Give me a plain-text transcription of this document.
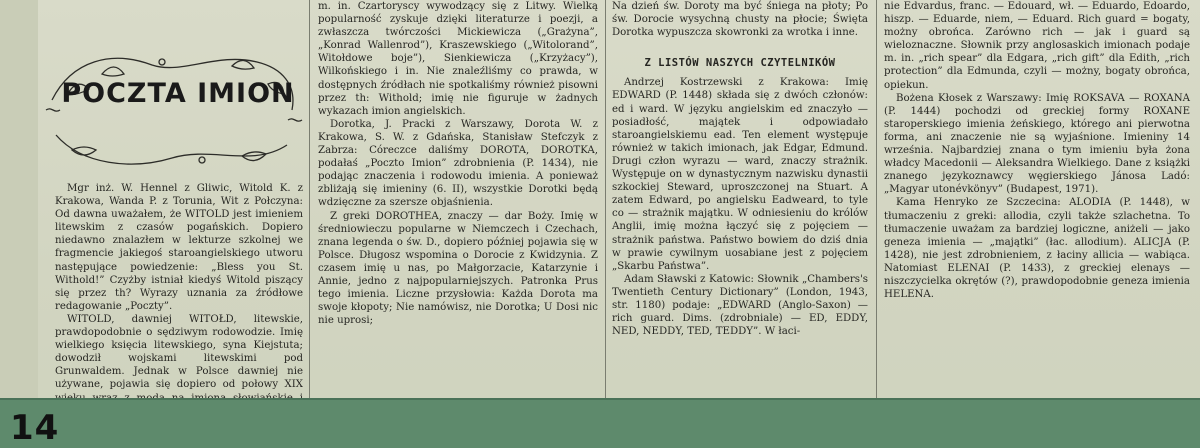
POCZTA IMION

Mgr inż. W. Hennel z Gliwic, Witold K. z Krakowa, Wanda P. z Torunia, Wit z Połczyna: Od dawna uważałem, że WITOLD jest imieniem litewskim z czasów pogańskich. Dopiero niedawno znalazłem w lekturze szkolnej we fragmencie jakiegoś staroangielskiego utworu następujące powiedzenie: „Bless you St. Withold!” Czyżby istniał kiedyś Witold piszący się przez th? Wyrazy uznania za źródłowe redagowanie „Poczty”.

WITOLD, dawniej WITOŁD, litewskie, prawdopodobnie o sędziwym rodowodzie. Imię wielkiego księcia litewskiego, syna Kiejstuta; dowodził wojskami litewskimi pod Grunwaldem. Jednak w Polsce dawniej nie używane, pojawia się dopiero od połowy XIX

m. in. Czartoryscy wywodzący się z Litwy. Wielką popularność zyskuje dzięki literaturze i poezji, a zwłaszcza twórczości Mickiewicza („Grażyna”, „Konrad Wallenrod”), Kraszewskiego („Witolorand”, Witołdowe boje”), Sienkiewicza („Krzyżacy”), Wilkońskiego i in. Nie znaleźliśmy co prawda, w dostępnych źródłach nie spotkaliśmy również pisowni przez th: Withold; imię nie figuruje w żadnych wykazach imion angielskich.

Dorotka, J. Pracki z Warszawy, Dorota W. z Krakowa, S. W. z Gdańska, Stanisław Stefczyk z Zabrza: Córeczce daliśmy DOROTA, DOROTKA, podałaś „Poczto Imion” zdrobnienia (P. 1434), nie podając znaczenia i rodowodu imienia. A ponieważ zbliżają się imieniny (6. II), wszystkie Dorotki będą wdzięczne za szersze objaśnienia.

Z greki DOROTHEA, znaczy — dar Boży. Imię w średniowieczu popularne w Niemczech i Czechach, znana legenda o św. D., dopiero później pojawia się w Polsce. Długosz wspomina o Dorocie z Kwidzynia. Z czasem imię u nas, po Małgorzacie, Katarzynie i Annie, jedno z najpopularniejszych. Patronka Prus tego imienia. Liczne przysłowia: Każda Dorota ma swoje kłopoty; Nie namówisz, nie Dorotka; U Dosi nic nie uprosi;

Na dzień św. Doroty ma być śniega na płoty; Po św. Dorocie wysychną chusty na płocie; Święta Dorotka wypuszcza skowronki za wrotka i inne.

Z LISTÓW NASZYCH CZYTELNIKÓW

Andrzej Kostrzewski z Krakowa: Imię EDWARD (P. 1448) składa się z dwóch członów: ed i ward. W języku angielskim ed znaczyło — posiadłość, majątek i odpowiadało staroangielskiemu ead. Ten element występuje również w takich imionach, jak Edgar, Edmund. Drugi człon wyrazu — ward, znaczy strażnik. Występuje on w dynastycznym nazwisku dynastii szkockiej Steward, uproszczonej na Stuart. A zatem Edward, po angielsku Eadweard, to tyle co — strażnik majątku. W odniesieniu do królów Anglii, imię można łączyć się z pojęciem — strażnik państwa. Państwo bowiem do dziś dnia w prawie cywilnym uosabiane jest z pojęciem „Skarbu Państwa”.

Adam Sławski z Katowic: Słownik „Chambers's Twentieth Century Dictionary” (London, 1943, str. 1180) podaje: „EDWARD (Anglo-Saxon) — rich guard. Dims. (zdrobniale) — ED, EDDY, NED, NEDDY, TED, TEDDY”. W łaci-

nie Edvardus, franc. — Edouard, wł. — Eduardo, Edoardo, hiszp. — Eduarde, niem, — Eduard. Rich guard = bogaty, możny obrońca. Zarówno rich — jak i guard są wieloznaczne. Słownik przy anglosaskich imionach podaje m. in. „rich spear” dla Edgara, „rich gift” dla Edith, „rich protection” dla Edmunda, czyli — możny, bogaty obrońca, opiekun.

Bożena Kłosek z Warszawy: Imię ROKSAVA — ROXANA (P. 1444) pochodzi od greckiej formy ROXANE staroperskiego imienia żeńskiego, którego ani pierwotna forma, ani znaczenie nie są wyjaśnione. Imieniny 14 września. Najbardziej znana o tym imieniu była żona władcy Macedonii — Aleksandra Wielkiego. Dane z książki znanego językoznawcy węgierskiego Jánosa Ladó: „Magyar utonévkönyv” (Budapest, 1971).

Kama Henryko ze Szczecina: ALODIA (P. 1448), w tłumaczeniu z greki: allodia, czyli także szlachetna. To tłumaczenie uważam za bardziej logiczne, aniżeli — jako geneza imienia — „majątki” (łac. allodium). ALICJA (P. 1428), nie jest zdrobnieniem, z łaciny allicia — wabiąca. Natomiast ELENAI (P. 1433), z greckiej elenays — niszczycielka okrętów (?), prawdopodobnie geneza imienia HELENA.

14
